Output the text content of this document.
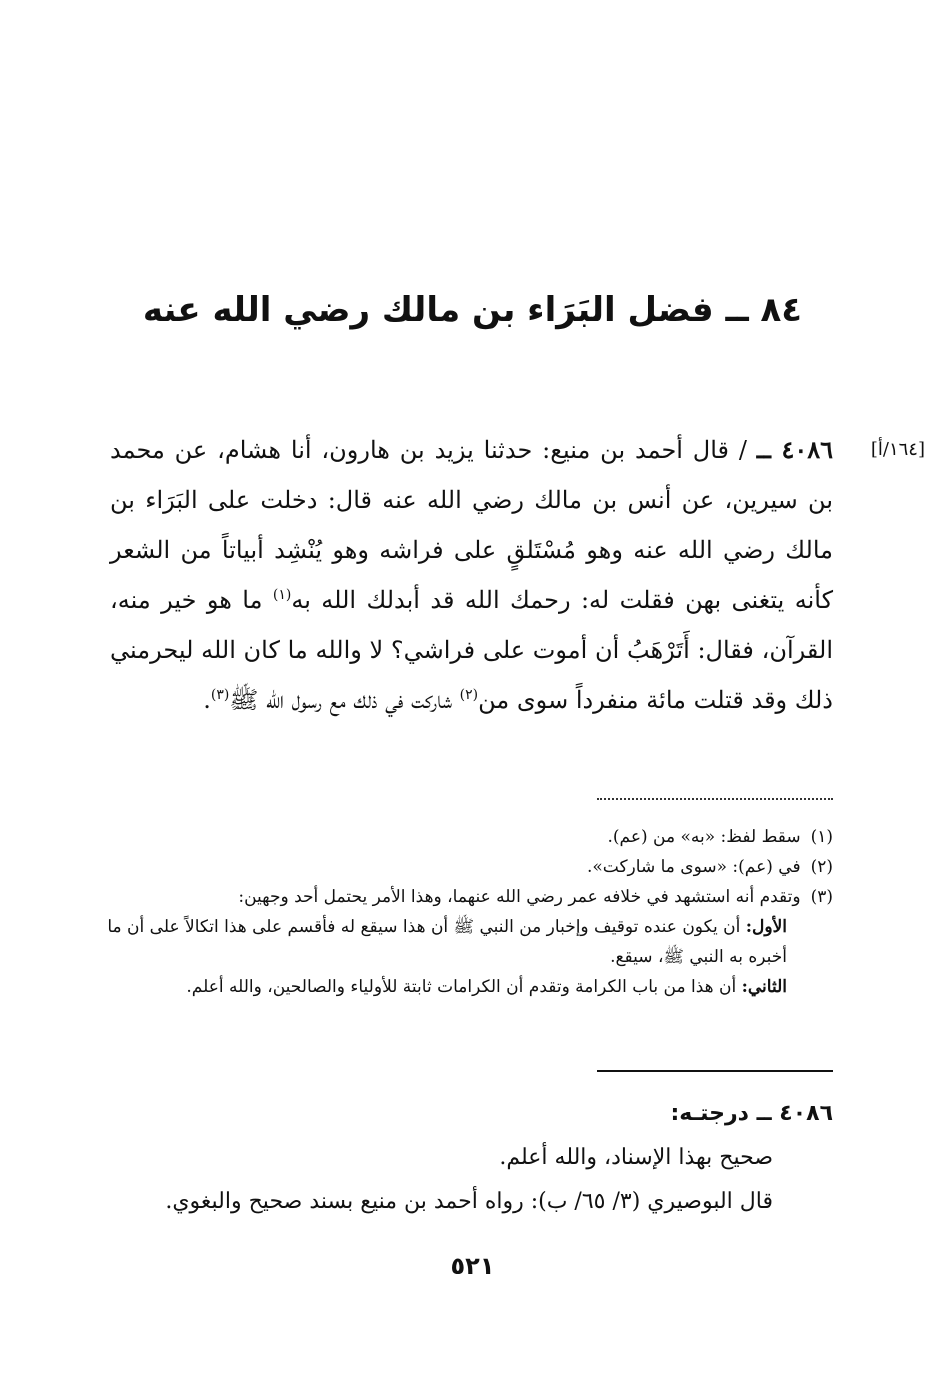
٨٤ ــ فضل البَرَاء بن مالك رضي الله عنه
[١٦٤/أ]

٤٠٨٦ ــ / قال أحمد بن منيع: حدثنا يزيد بن هارون، أنا هشام، عن محمد بن سيرين، عن أنس بن مالك رضي الله عنه قال: دخلت على البَرَاء بن مالك رضي الله عنه وهو مُسْتَلقٍ على فراشه وهو يُنْشِد أبياتاً من الشعر كأنه يتغنى بهن فقلت له: رحمك الله قد أبدلك الله به$^{(١)}$ ما هو خير منه، القرآن، فقال: أَتَرْهَبُ أن أموت على فراشي؟ لا والله ما كان الله ليحرمني ذلك وقد قتلت مائة منفرداً سوى من$^{(٢)}$ شاركت في ذلك مع رسول الله ﷺ$^{(٣)}$.

(١)
سقط لفظ: «به» من (عم).
(٢)
في (عم): «سوى ما شاركت».
(٣)
وتقدم أنه استشهد في خلافه عمر رضي الله عنهما، وهذا الأمر يحتمل أحد وجهين:
الأول: أن يكون عنده توقيف وإخبار من النبي ﷺ أن هذا سيقع له فأقسم على هذا اتكالاً على أن ما أخبره به النبي ﷺ، سيقع.
الثاني: أن هذا من باب الكرامة وتقدم أن الكرامات ثابتة للأولياء والصالحين، والله أعلم.
٤٠٨٦ ــ درجتـه:
صحيح بهذا الإسناد، والله أعلم.
قال البوصيري (٣/ ٦٥/ ب): رواه أحمد بن منيع بسند صحيح والبغوي.
٥٢١
